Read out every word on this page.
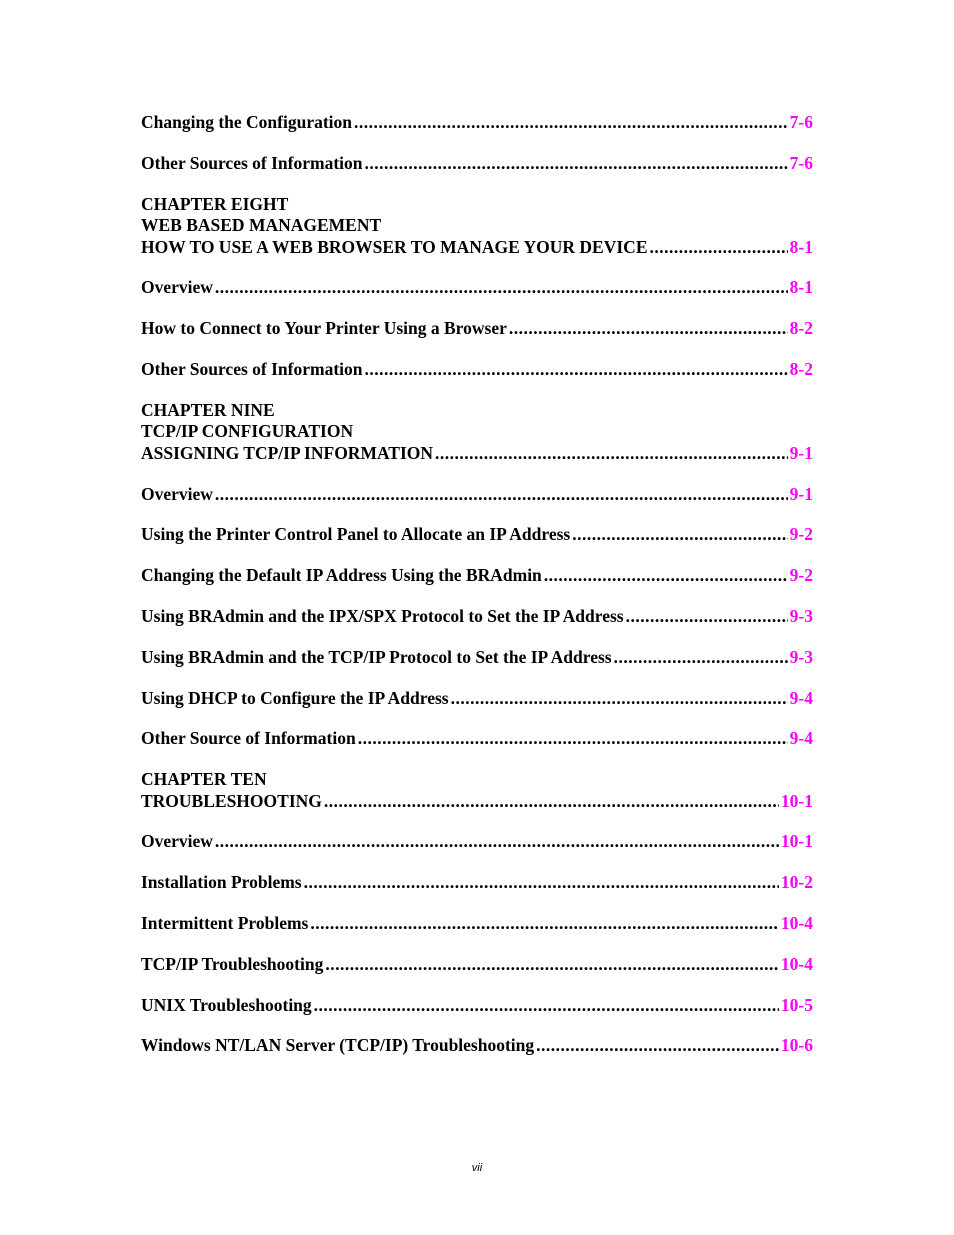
Changing the Configuration .....	7-6
Other Sources of Information .....	7-6
CHAPTER EIGHT
WEB BASED MANAGEMENT
HOW TO USE A WEB BROWSER TO MANAGE YOUR DEVICE .....	8-1
Overview .....	8-1
How to Connect to Your Printer Using a Browser .....	8-2
Other Sources of Information .....	8-2
CHAPTER NINE
TCP/IP CONFIGURATION
ASSIGNING TCP/IP INFORMATION .....	9-1
Overview .....	9-1
Using the Printer Control Panel to Allocate an IP Address .....	9-2
Changing the Default IP Address Using the BRAdmin .....	9-2
Using BRAdmin and the IPX/SPX Protocol to Set the IP Address .....	9-3
Using BRAdmin and the TCP/IP Protocol to Set the IP Address .....	9-3
Using DHCP to Configure the IP Address .....	9-4
Other Source of Information .....	9-4
CHAPTER TEN
TROUBLESHOOTING .....	10-1
Overview .....	10-1
Installation Problems .....	10-2
Intermittent Problems .....	10-4
TCP/IP Troubleshooting .....	10-4
UNIX Troubleshooting .....	10-5
Windows NT/LAN Server (TCP/IP) Troubleshooting .....	10-6
vii
